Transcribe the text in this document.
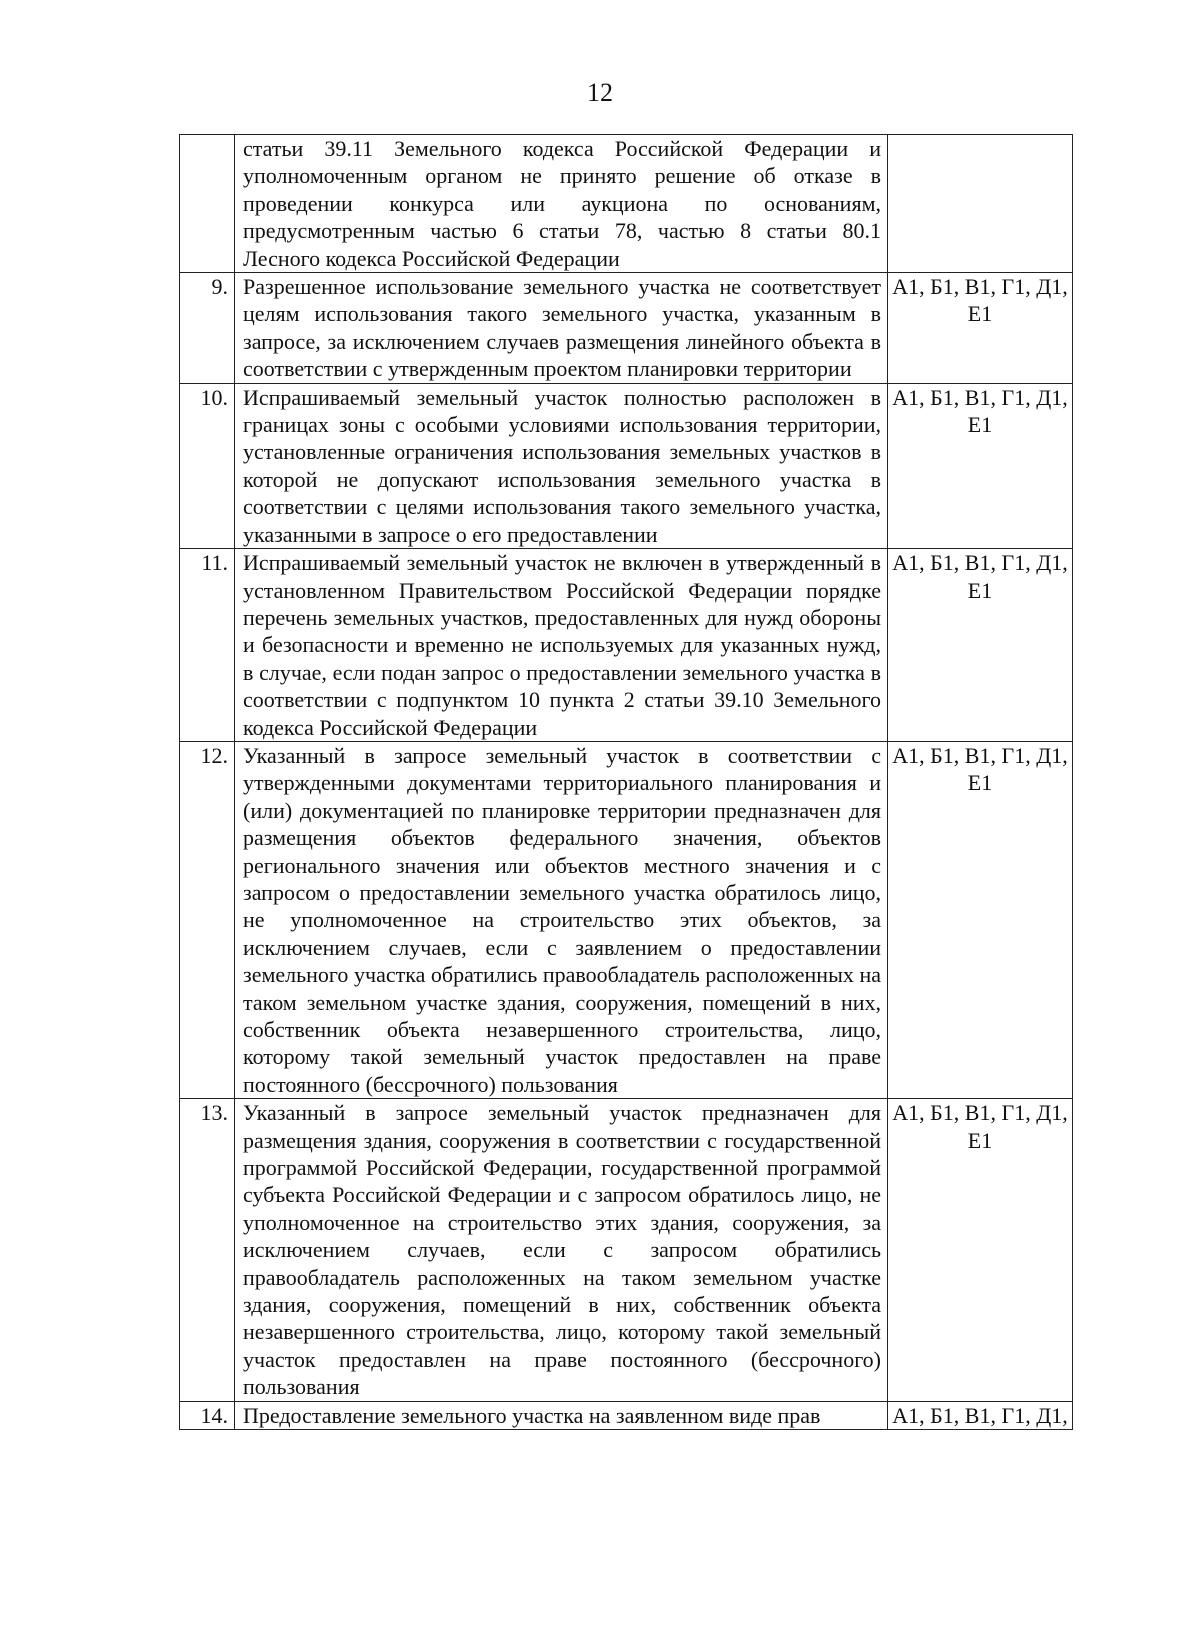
12
	статьи 39.11 Земельного кодекса Российской Федерации и уполномоченным органом не принято решение об отказе в проведении конкурса или аукциона по основаниям, предусмотренным частью 6 статьи 78, частью 8 статьи 80.1 Лесного кодекса Российской Федерации	
9.	Разрешенное использование земельного участка не соответствует целям использования такого земельного участка, указанным в запросе, за исключением случаев размещения линейного объекта в соответствии с утвержденным проектом планировки территории	А1, Б1, В1, Г1, Д1, Е1
10.	Испрашиваемый земельный участок полностью расположен в границах зоны с особыми условиями использования территории, установленные ограничения использования земельных участков в которой не допускают использования земельного участка в соответствии с целями использования такого земельного участка, указанными в запросе о его предоставлении	А1, Б1, В1, Г1, Д1, Е1
11.	Испрашиваемый земельный участок не включен в утвержденный в установленном Правительством Российской Федерации порядке перечень земельных участков, предоставленных для нужд обороны и безопасности и временно не используемых для указанных нужд, в случае, если подан запрос о предоставлении земельного участка в соответствии с подпунктом 10 пункта 2 статьи 39.10 Земельного кодекса Российской Федерации	А1, Б1, В1, Г1, Д1, Е1
12.	Указанный в запросе земельный участок в соответствии с утвержденными документами территориального планирования и (или) документацией по планировке территории предназначен для размещения объектов федерального значения, объектов регионального значения или объектов местного значения и с запросом о предоставлении земельного участка обратилось лицо, не уполномоченное на строительство этих объектов, за исключением случаев, если с заявлением о предоставлении земельного участка обратились правообладатель расположенных на таком земельном участке здания, сооружения, помещений в них, собственник объекта незавершенного строительства, лицо, которому такой земельный участок предоставлен на праве постоянного (бессрочного) пользования	А1, Б1, В1, Г1, Д1, Е1
13.	Указанный в запросе земельный участок предназначен для размещения здания, сооружения в соответствии с государственной программой Российской Федерации, государственной программой субъекта Российской Федерации и с запросом обратилось лицо, не уполномоченное на строительство этих здания, сооружения, за исключением случаев, если с запросом обратились правообладатель расположенных на таком земельном участке здания, сооружения, помещений в них, собственник объекта незавершенного строительства, лицо, которому такой земельный участок предоставлен на праве постоянного (бессрочного) пользования	А1, Б1, В1, Г1, Д1, Е1
14.	Предоставление земельного участка на заявленном виде прав	А1, Б1, В1, Г1, Д1,
